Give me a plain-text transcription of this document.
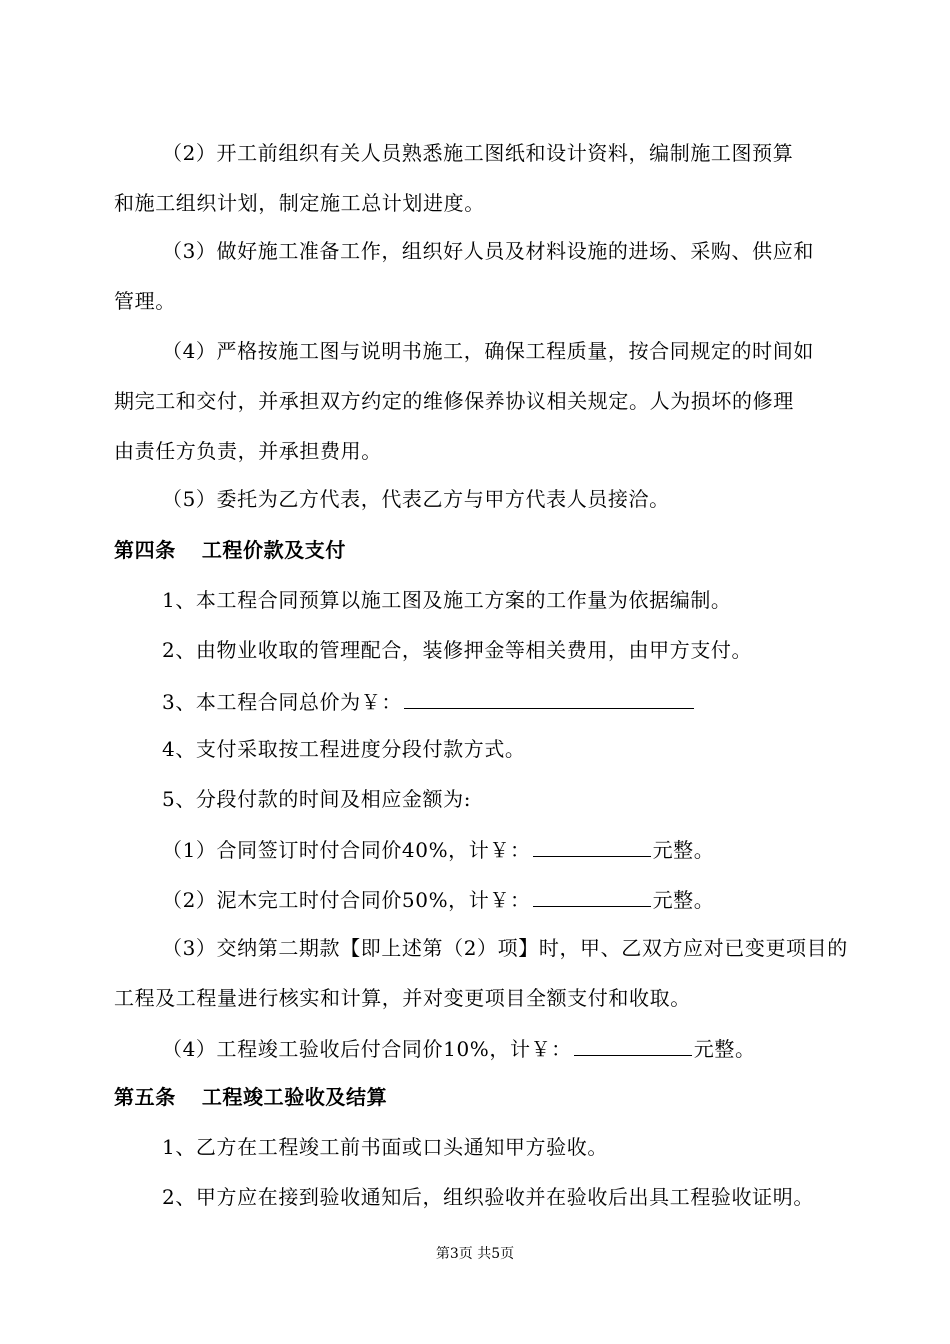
（2）开工前组织有关人员熟悉施工图纸和设计资料，编制施工图预算
和施工组织计划，制定施工总计划进度。
（3）做好施工准备工作，组织好人员及材料设施的进场、采购、供应和
管理。
（4）严格按施工图与说明书施工，确保工程质量，按合同规定的时间如
期完工和交付，并承担双方约定的维修保养协议相关规定。人为损坏的修理
由责任方负责，并承担费用。
（5）委托为乙方代表，代表乙方与甲方代表人员接洽。
第四条 工程价款及支付
1、本工程合同预算以施工图及施工方案的工作量为依据编制。
2、由物业收取的管理配合，装修押金等相关费用，由甲方支付。
3、本工程合同总价为￥：
4、支付采取按工程进度分段付款方式。
5、分段付款的时间及相应金额为:
（1）合同签订时付合同价40%，计￥：	元整。
（2）泥木完工时付合同价50%，计￥：	元整。
（3）交纳第二期款【即上述第（2）项】时，甲、乙双方应对已变更项目的
工程及工程量进行核实和计算，并对变更项目全额支付和收取。
（4）工程竣工验收后付合同价10%，计￥：	元整。
第五条 工程竣工验收及结算
1、乙方在工程竣工前书面或口头通知甲方验收。
2、甲方应在接到验收通知后，组织验收并在验收后出具工程验收证明。
第3页 共5页
